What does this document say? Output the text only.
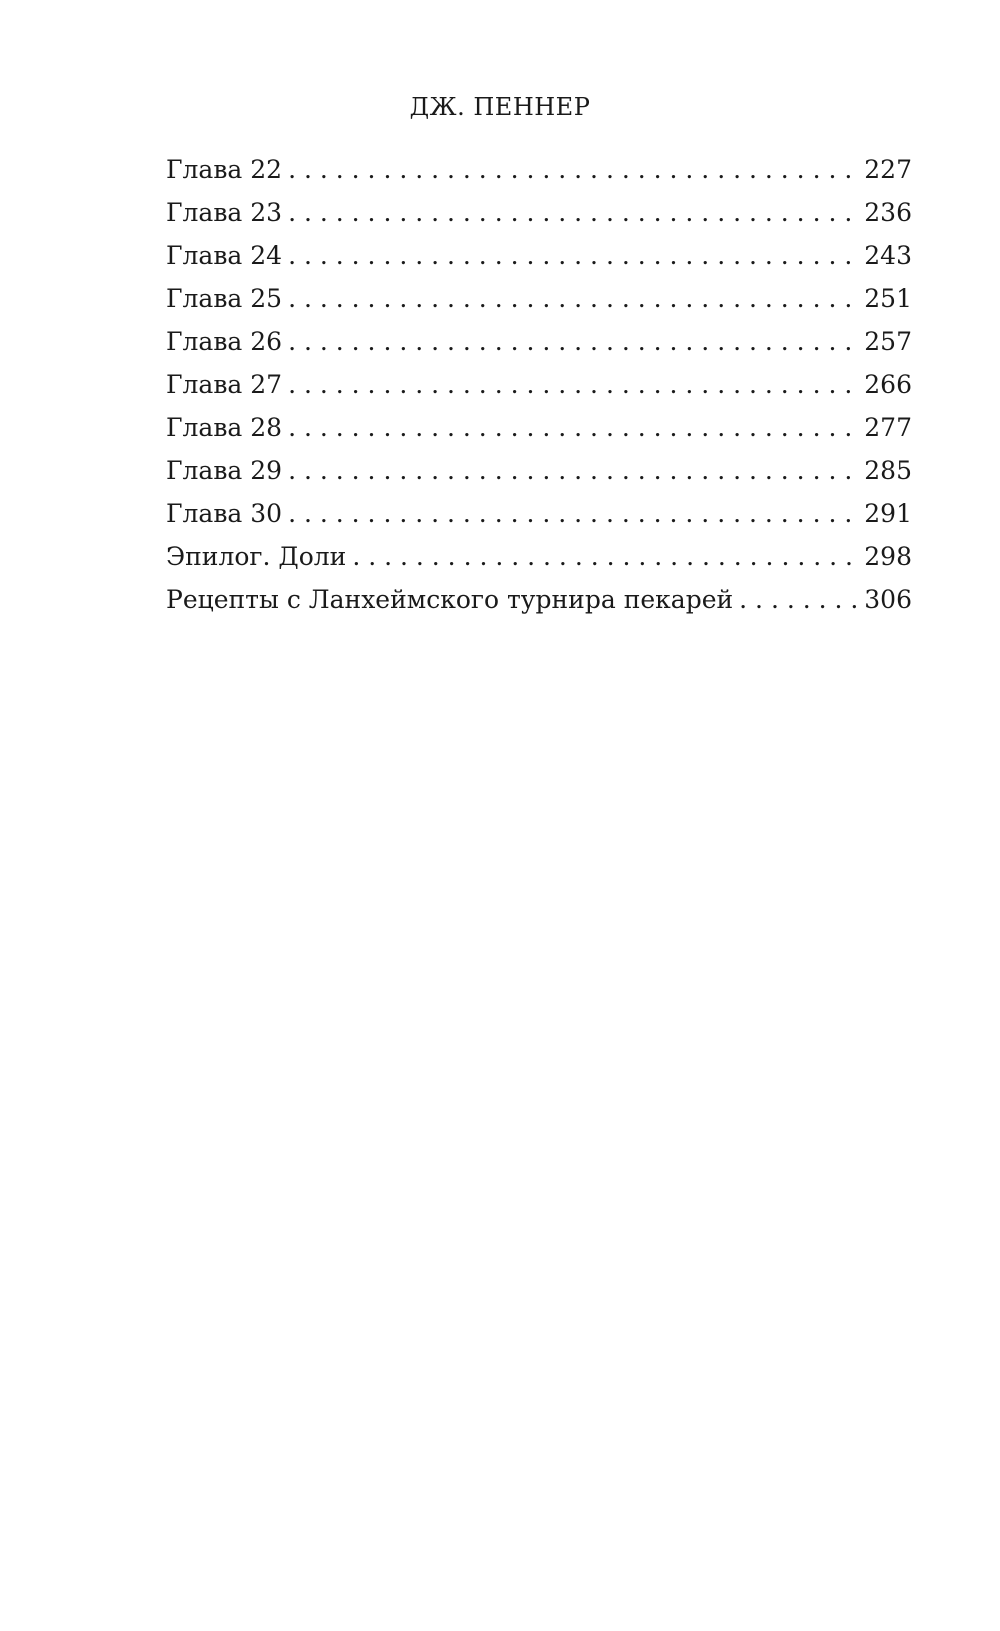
ДЖ. ПЕННЕР
Глава 22 . . .	227
Глава 23 . . .	236
Глава 24 . . .	243
Глава 25 . . .	251
Глава 26 . . .	257
Глава 27 . . .	266
Глава 28 . . .	277
Глава 29 . . .	285
Глава 30 . . .	291
Эпилог. Доли . . .	298
Рецепты с Ланхеймского турнира пекарей . . .	306
